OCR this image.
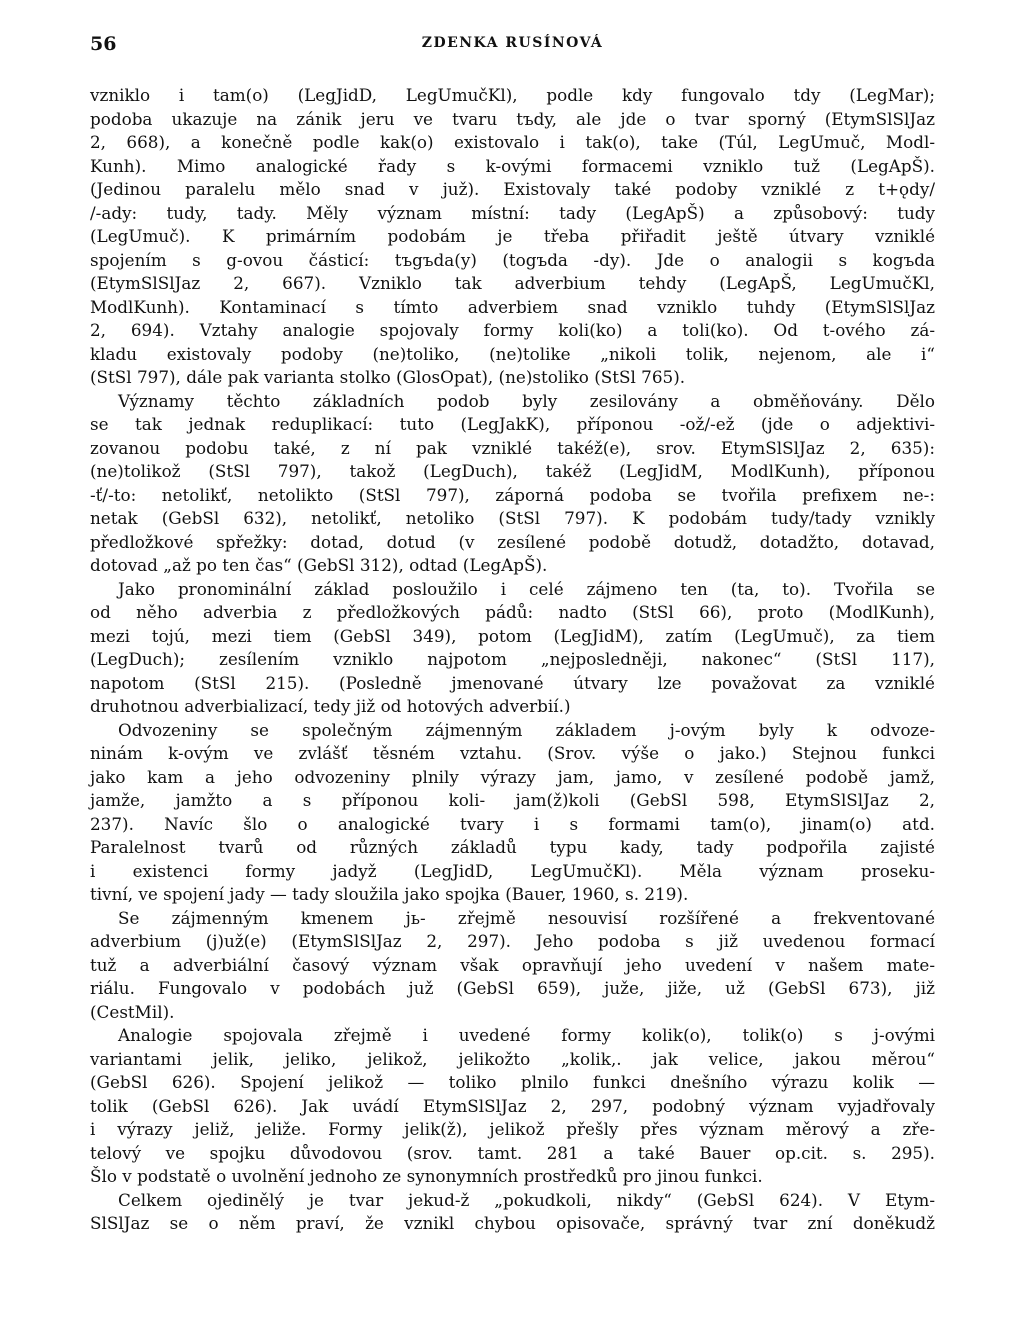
56	ZDENKA RUSÍNOVÁ
vzniklo i tam(o) (LegJidD, LegUmučKl), podle kdy fungovalo tdy (LegMar);
podoba ukazuje na zánik jeru ve tvaru tъdy, ale jde o tvar sporný (EtymSlSlJaz
2, 668), a konečně podle kak(o) existovalo i tak(o), take (Túl, LegUmuč, Modl-
Kunh). Mimo analogické řady s k-ovými formacemi vzniklo tuž (LegApŠ).
(Jedinou paralelu mělo snad v juž). Existovaly také podoby vzniklé z t+ǫdy/
/-ady: tudy, tady. Měly význam místní: tady (LegApŠ) a způsobový: tudy
(LegUmuč). K primárním podobám je třeba přiřadit ještě útvary vzniklé
spojením s g-ovou částicí: tъgъda(y) (togъda -dy). Jde o analogii s kogъda
(EtymSlSlJaz 2, 667). Vzniklo tak adverbium tehdy (LegApŠ, LegUmučKl,
ModlKunh). Kontaminací s tímto adverbiem snad vzniklo tuhdy (EtymSlSlJaz
2, 694). Vztahy analogie spojovaly formy koli(ko) a toli(ko). Od t-ového zá-
kladu existovaly podoby (ne)toliko, (ne)tolike „nikoli tolik, nejenom, ale i“
(StSl 797), dále pak varianta stolko (GlosOpat), (ne)stoliko (StSl 765).
Významy těchto základních podob byly zesilovány a obměňovány. Dělo
se tak jednak reduplikací: tuto (LegJakK), příponou -ož/-ež (jde o adjektivi-
zovanou podobu také, z ní pak vzniklé takéž(e), srov. EtymSlSlJaz 2, 635):
(ne)tolikož (StSl 797), takož (LegDuch), takéž (LegJidM, ModlKunh), příponou
-ť/-to: netolikť, netolikto (StSl 797), záporná podoba se tvořila prefixem ne-:
netak (GebSl 632), netolikť, netoliko (StSl 797). K podobám tudy/tady vznikly
předložkové spřežky: dotad, dotud (v zesílené podobě dotudž, dotadžto, dotavad,
dotovad „až po ten čas“ (GebSl 312), odtad (LegApŠ).
Jako pronominální základ posloužilo i celé zájmeno ten (ta, to). Tvořila se
od něho adverbia z předložkových pádů: nadto (StSl 66), proto (ModlKunh),
mezi tojú, mezi tiem (GebSl 349), potom (LegJidM), zatím (LegUmuč), za tiem
(LegDuch); zesílením vzniklo najpotom „nejposledněji, nakonec“ (StSl 117),
napotom (StSl 215). (Posledně jmenované útvary lze považovat za vzniklé
druhotnou adverbializací, tedy již od hotových adverbií.)
Odvozeniny se společným zájmenným základem j-ovým byly k odvoze-
ninám k-ovým ve zvlášť těsném vztahu. (Srov. výše o jako.) Stejnou funkci
jako kam a jeho odvozeniny plnily výrazy jam, jamo, v zesílené podobě jamž,
jamže, jamžto a s příponou koli- jam(ž)koli (GebSl 598, EtymSlSlJaz 2,
237). Navíc šlo o analogické tvary i s formami tam(o), jinam(o) atd.
Paralelnost tvarů od různých základů typu kady, tady podpořila zajisté
i existenci formy jadyž (LegJidD, LegUmučKl). Měla význam proseku-
tivní, ve spojení jady — tady sloužila jako spojka (Bauer, 1960, s. 219).
Se zájmenným kmenem jь- zřejmě nesouvisí rozšířené a frekventované
adverbium (j)už(e) (EtymSlSlJaz 2, 297). Jeho podoba s již uvedenou formací
tuž a adverbiální časový význam však opravňují jeho uvedení v našem mate-
riálu. Fungovalo v podobách juž (GebSl 659), juže, jiže, už (GebSl 673), již
(CestMil).
Analogie spojovala zřejmě i uvedené formy kolik(o), tolik(o) s j-ovými
variantami jelik, jeliko, jelikož, jelikožto „kolik,. jak velice, jakou měrou“
(GebSl 626). Spojení jelikož — toliko plnilo funkci dnešního výrazu kolik —
tolik (GebSl 626). Jak uvádí EtymSlSlJaz 2, 297, podobný význam vyjadřovaly
i výrazy jeliž, jeliže. Formy jelik(ž), jelikož přešly přes význam měrový a zře-
telový ve spojku důvodovou (srov. tamt. 281 a také Bauer op.cit. s. 295).
Šlo v podstatě o uvolnění jednoho ze synonymních prostředků pro jinou funkci.
Celkem ojedinělý je tvar jekud-ž „pokudkoli, nikdy“ (GebSl 624). V Etym-
SlSlJaz se o něm praví, že vznikl chybou opisovače, správný tvar zní doněkudž
